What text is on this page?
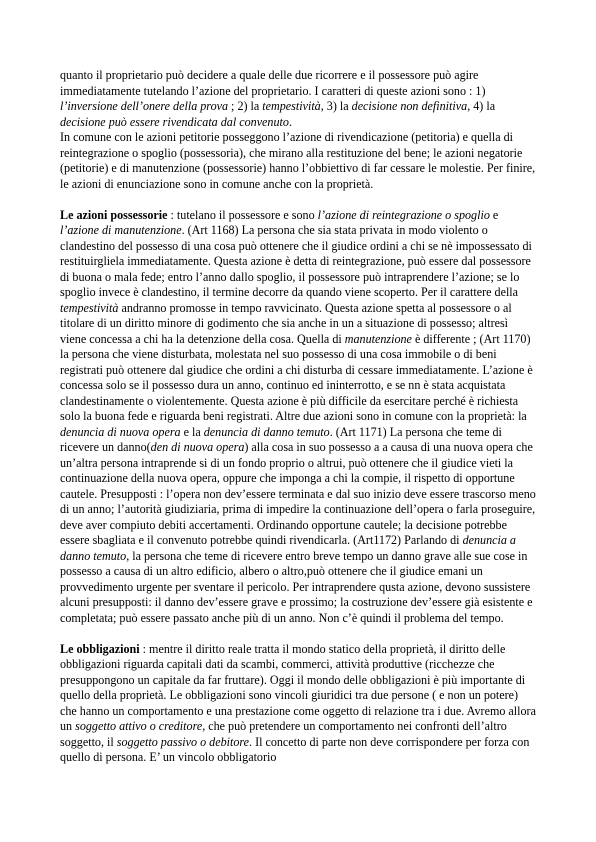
quanto il proprietario può decidere a quale delle due ricorrere e il possessore può agire immediatamente tutelando l’azione del proprietario. I caratteri di queste azioni sono : 1) l’inversione dell’onere della prova ; 2) la tempestività, 3) la decisione non definitiva, 4) la decisione può essere rivendicata dal convenuto.

In comune con le azioni petitorie posseggono l’azione di rivendicazione (petitoria) e quella di reintegrazione o spoglio (possessoria), che mirano alla restituzione del bene; le azioni negatorie (petitorie) e di manutenzione (possessorie) hanno l’obbiettivo di far cessare le molestie. Per finire, le azioni di enunciazione sono in comune anche con la proprietà.

Le azioni possessorie : tutelano il possessore e sono l’azione di reintegrazione o spoglio e l’azione di manutenzione. (Art 1168) La persona che sia stata privata in modo violento o clandestino del possesso di una cosa può ottenere che il giudice ordini a chi se nè impossessato di restituirgliela immediatamente. Questa azione è detta di reintegrazione, può essere dal possessore di buona o mala fede; entro l’anno dallo spoglio, il possessore può intraprendere l’azione; se lo spoglio invece è clandestino, il termine decorre da quando viene scoperto. Per il carattere della tempestività andranno promosse in tempo ravvicinato. Questa azione spetta al possessore o al titolare di un diritto minore di godimento che sia anche in un a situazione di possesso; altresì viene concessa a chi ha la detenzione della cosa. Quella di manutenzione è differente ; (Art 1170) la persona che viene disturbata, molestata nel suo possesso di una cosa immobile o di beni registrati può ottenere dal giudice che ordini a chi disturba di cessare immediatamente. L’azione è concessa solo se il possesso dura un anno, continuo ed ininterrotto, e se nn è stata acquistata clandestinamente o violentemente. Questa azione è più difficile da esercitare perché è richiesta solo la buona fede e riguarda beni registrati. Altre due azioni sono in comune con la proprietà: la denuncia di nuova opera e la denuncia di danno temuto. (Art 1171) La persona che teme di ricevere un danno(den di nuova opera) alla cosa in suo possesso a a causa di una nuova opera che un’altra persona intraprende si di un fondo proprio o altrui, può ottenere che il giudice vieti la continuazione della nuova opera, oppure che imponga a chi la compie, il rispetto di opportune cautele. Presupposti : l’opera non dev’essere terminata e dal suo inizio deve essere trascorso meno di un anno; l’autorità giudiziaria, prima di impedire la continuazione dell’opera o farla proseguire, deve aver compiuto debiti accertamenti. Ordinando opportune cautele; la decisione potrebbe essere sbagliata e il convenuto potrebbe quindi rivendicarla. (Art1172) Parlando di denuncia a danno temuto, la persona che teme di ricevere entro breve tempo un danno grave alle sue cose in possesso a causa di un altro edificio, albero o altro,può ottenere che il giudice emani un provvedimento urgente per sventare il pericolo. Per intraprendere qusta azione, devono sussistere alcuni presupposti: il danno dev’essere grave e prossimo; la costruzione dev’essere già esistente e completata; può essere passato anche più di un anno. Non c’è quindi il problema del tempo.

Le obbligazioni : mentre il diritto reale tratta il mondo statico della proprietà, il diritto delle obbligazioni riguarda capitali dati da scambi, commerci, attività produttive (ricchezze che presuppongono un capitale da far fruttare). Oggi il mondo delle obbligazioni è più importante di quello della proprietà. Le obbligazioni sono vincoli giuridici tra due persone ( e non un potere) che hanno un comportamento e una prestazione come oggetto di relazione tra i due. Avremo allora un soggetto attivo o creditore, che può pretendere un comportamento nei confronti dell’altro soggetto, il soggetto passivo o debitore. Il concetto di parte non deve corrispondere per forza con quello di persona. E’ un vincolo obbligatorio
